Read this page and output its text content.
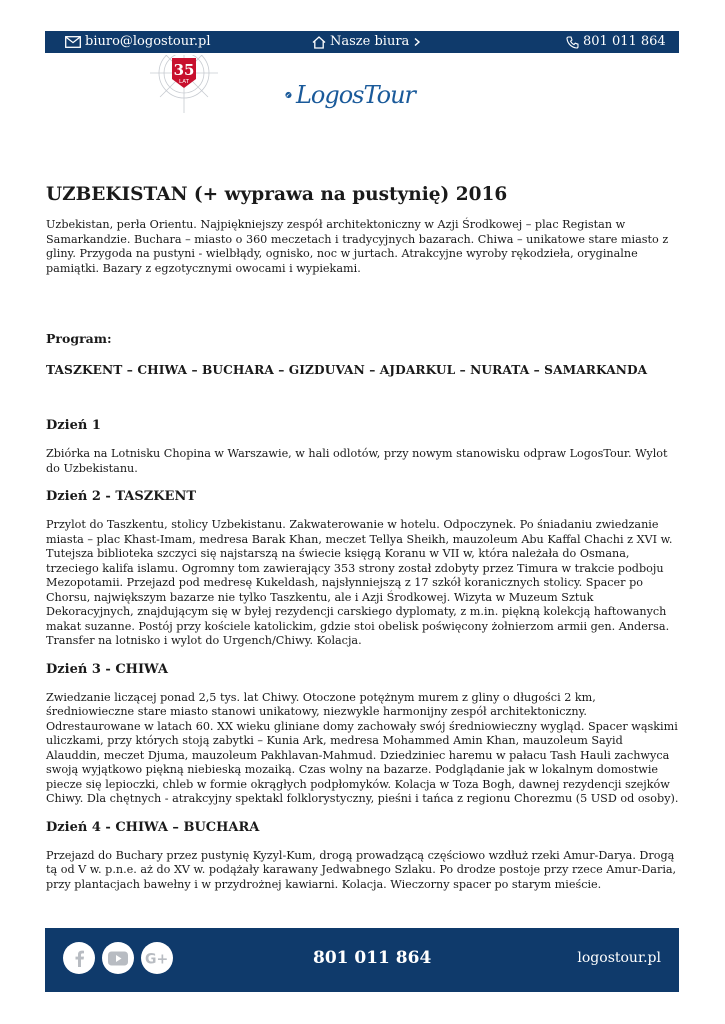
biuro@logostour.pl	Nasze biura	801 011 864
35
LAT	LogosTour
UZBEKISTAN (+ wyprawa na pustynię) 2016

Uzbekistan, perła Orientu. Najpiękniejszy zespół architektoniczny w Azji Środkowej – plac Registan w Samarkandzie. Buchara – miasto o 360 meczetach i tradycyjnych bazarach. Chiwa – unikatowe stare miasto z gliny. Przygoda na pustyni - wielbłądy, ognisko, noc w jurtach. Atrakcyjne wyroby rękodzieła, oryginalne pamiątki. Bazary z egzotycznymi owocami i wypiekami.

Program:

TASZKENT – CHIWA – BUCHARA – GIZDUVAN – AJDARKUL – NURATA – SAMARKANDA

Dzień 1

Zbiórka na Lotnisku Chopina w Warszawie, w hali odlotów, przy nowym stanowisku odpraw LogosTour. Wylot do Uzbekistanu.

Dzień 2 - TASZKENT

Przylot do Taszkentu, stolicy Uzbekistanu. Zakwaterowanie w hotelu. Odpoczynek. Po śniadaniu zwiedzanie miasta – plac Khast-Imam, medresa Barak Khan, meczet Tellya Sheikh, mauzoleum Abu Kaffal Chachi z XVI w. Tutejsza biblioteka szczyci się najstarszą na świecie księgą Koranu w VII w, która należała do Osmana, trzeciego kalifa islamu. Ogromny tom zawierający 353 strony został zdobyty przez Timura w trakcie podboju Mezopotamii. Przejazd pod medresę Kukeldash, najsłynniejszą z 17 szkół koranicznych stolicy. Spacer po Chorsu, największym bazarze nie tylko Taszkentu, ale i Azji Środkowej. Wizyta w Muzeum Sztuk Dekoracyjnych, znajdującym się w byłej rezydencji carskiego dyplomaty, z m.in. piękną kolekcją haftowanych makat suzanne. Postój przy kościele katolickim, gdzie stoi obelisk poświęcony żołnierzom armii gen. Andersa. Transfer na lotnisko i wylot do Urgench/Chiwy. Kolacja.

Dzień 3 - CHIWA

Zwiedzanie liczącej ponad 2,5 tys. lat Chiwy. Otoczone potężnym murem z gliny o długości 2 km, średniowieczne stare miasto stanowi unikatowy, niezwykle harmonijny zespół architektoniczny. Odrestaurowane w latach 60. XX wieku gliniane domy zachowały swój średniowieczny wygląd. Spacer wąskimi uliczkami, przy których stoją zabytki – Kunia Ark, medresa Mohammed Amin Khan, mauzoleum Sayid Alauddin, meczet Djuma, mauzoleum Pakhlavan-Mahmud. Dziedziniec haremu w pałacu Tash Hauli zachwyca swoją wyjątkowo piękną niebieską mozaiką. Czas wolny na bazarze. Podglądanie jak w lokalnym domostwie piecze się lepioczki, chleb w formie okrągłych podpłomyków. Kolacja w Toza Bogh, dawnej rezydencji szejków Chiwy. Dla chętnych - atrakcyjny spektakl folklorystyczny, pieśni i tańca z regionu Chorezmu (5 USD od osoby).

Dzień 4 - CHIWA – BUCHARA

Przejazd do Buchary przez pustynię Kyzyl-Kum, drogą prowadzącą częściowo wzdłuż rzeki Amur-Darya. Drogą tą od V w. p.n.e. aż do XV w. podążały karawany Jedwabnego Szlaku. Po drodze postoje przy rzece Amur-Daria, przy plantacjach bawełny i w przydrożnej kawiarni. Kolacja. Wieczorny spacer po starym mieście.

G+	801 011 864	logostour.pl
